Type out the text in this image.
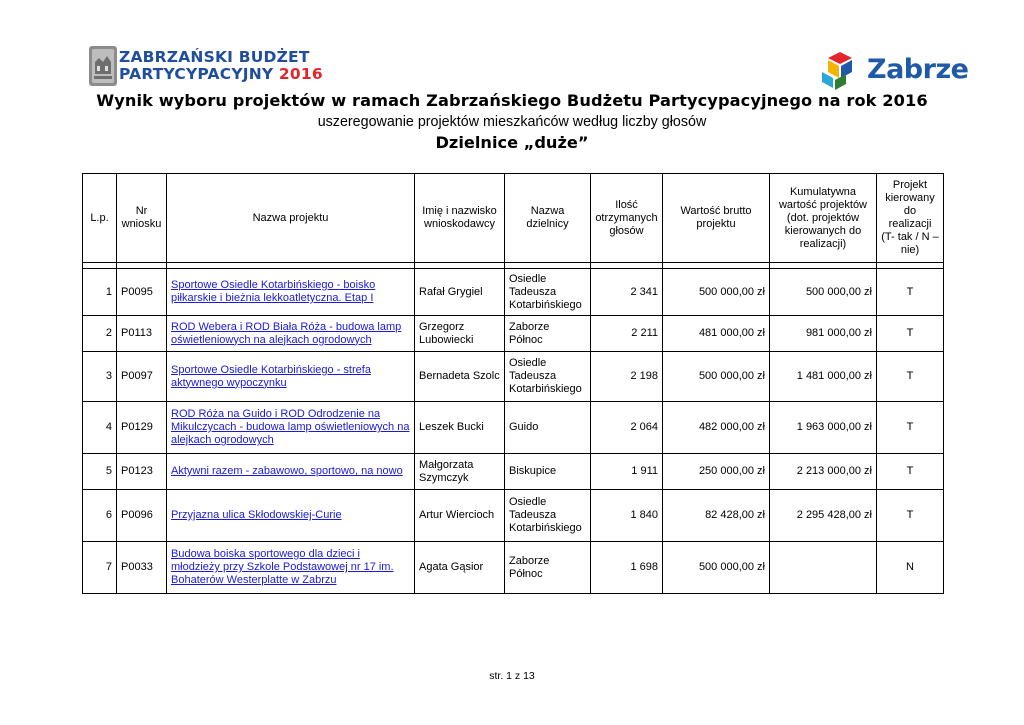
ZABRZAŃSKI BUDŻET
PARTYCYPACYJNY 2016	Zabrze
Wynik wyboru projektów w ramach Zabrzańskiego Budżetu Partycypacyjnego na rok 2016
uszeregowanie projektów mieszkańców według liczby głosów
Dzielnice „duże”
L.p.	Nr wniosku	Nazwa projektu	Imię i nazwisko wnioskodawcy	Nazwa dzielnicy	Ilość otrzymanych głosów	Wartość brutto projektu	Kumulatywna wartość projektów (dot. projektów kierowanych do realizacji)	Projekt kierowany do realizacji (T- tak / N – nie)

1	P0095	Sportowe Osiedle Kotarbińskiego - boisko piłkarskie i bieżnia lekkoatletyczna. Etap I	Rafał Grygiel	Osiedle Tadeusza Kotarbińskiego	2 341	500 000,00 zł	500 000,00 zł	T
2	P0113	ROD Webera i ROD Biała Róża - budowa lamp oświetleniowych na alejkach ogrodowych	Grzegorz Lubowiecki	Zaborze Północ	2 211	481 000,00 zł	981 000,00 zł	T
3	P0097	Sportowe Osiedle Kotarbińskiego - strefa aktywnego wypoczynku	Bernadeta Szolc	Osiedle Tadeusza Kotarbińskiego	2 198	500 000,00 zł	1 481 000,00 zł	T
4	P0129	ROD Róża na Guido i ROD Odrodzenie na Mikulczycach - budowa lamp oświetleniowych na alejkach ogrodowych	Leszek Bucki	Guido	2 064	482 000,00 zł	1 963 000,00 zł	T
5	P0123	Aktywni razem - zabawowo, sportowo, na nowo	Małgorzata Szymczyk	Biskupice	1 911	250 000,00 zł	2 213 000,00 zł	T
6	P0096	Przyjazna ulica Skłodowskiej-Curie	Artur Wiercioch	Osiedle Tadeusza Kotarbińskiego	1 840	82 428,00 zł	2 295 428,00 zł	T
7	P0033	Budowa boiska sportowego dla dzieci i młodzieży przy Szkole Podstawowej nr 17 im. Bohaterów Westerplatte w Zabrzu	Agata Gąsior	Zaborze Północ	1 698	500 000,00 zł		N
str. 1 z 13
